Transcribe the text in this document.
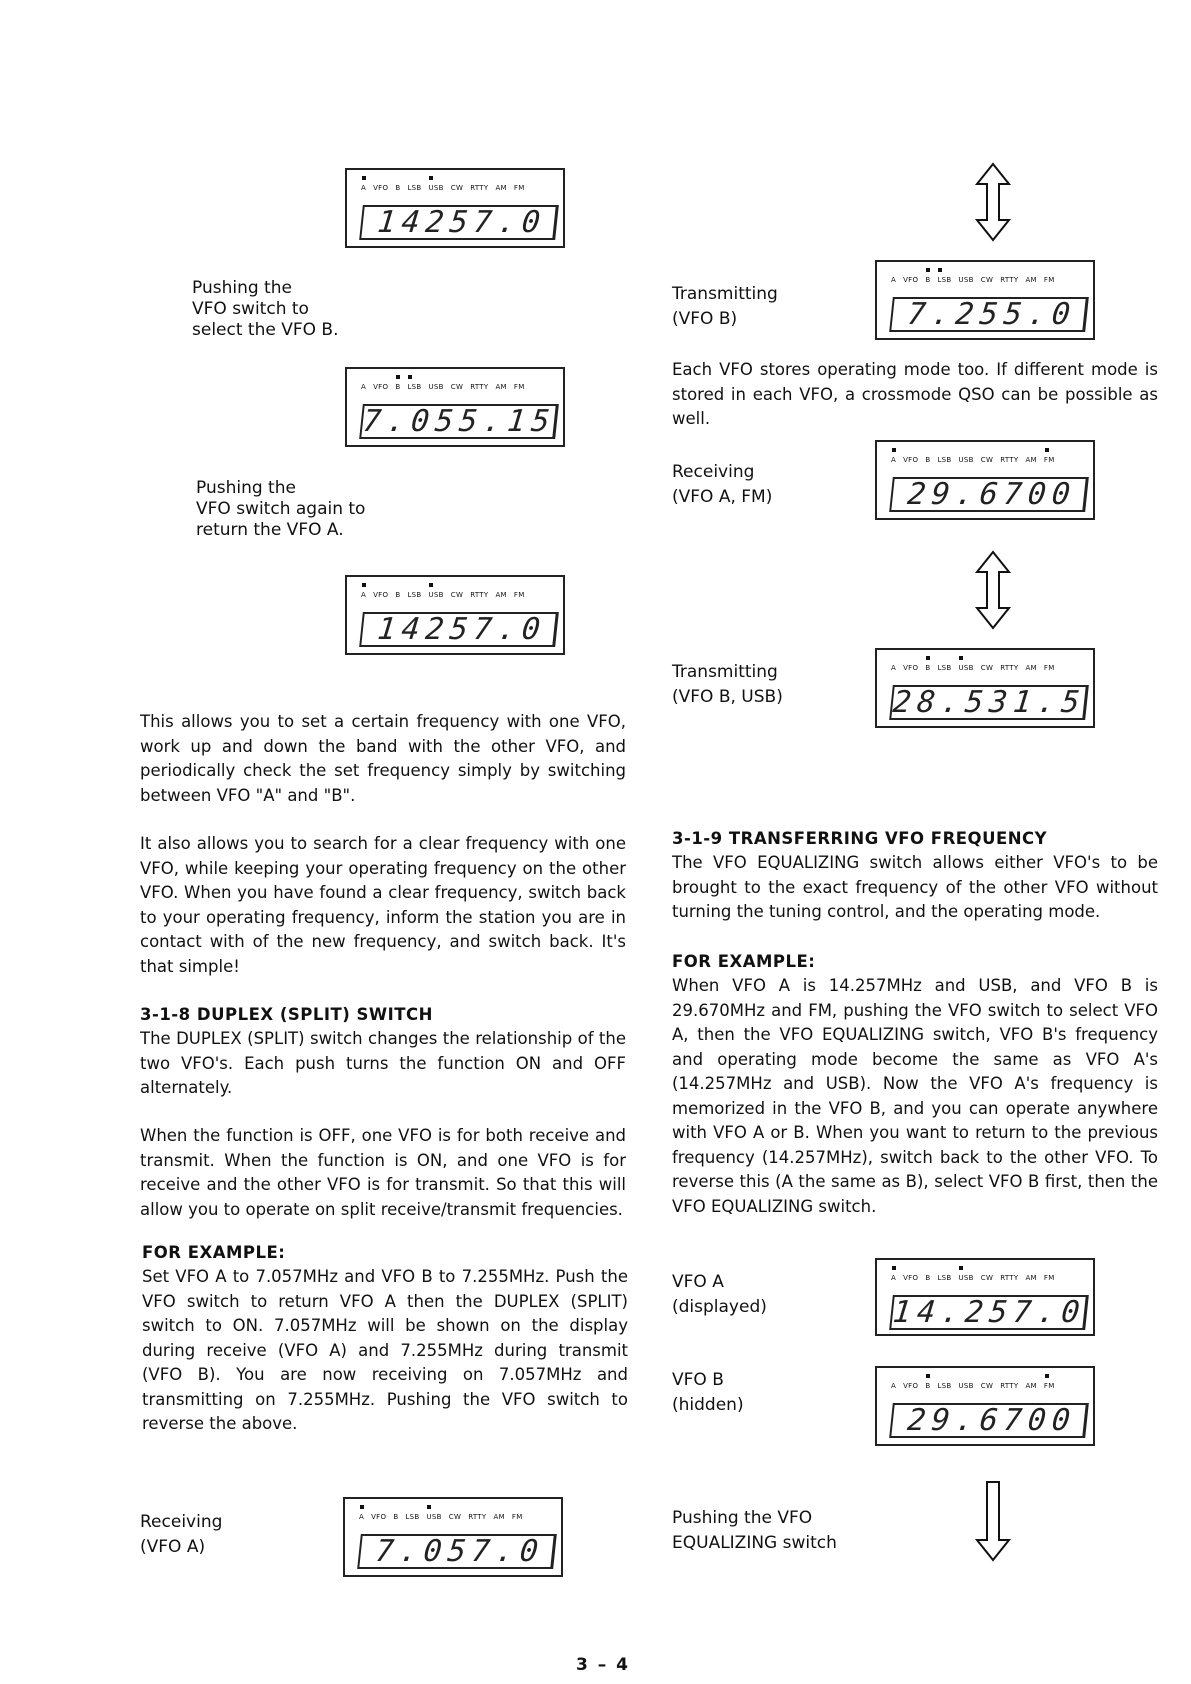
A VFO B LSB USB CW RTTY AM FM
14257.0
A VFO B LSB USB CW RTTY AM FM
7.055.15
A VFO B LSB USB CW RTTY AM FM
14257.0
A VFO B LSB USB CW RTTY AM FM
7.255.0
A VFO B LSB USB CW RTTY AM FM
29.6700
A VFO B LSB USB CW RTTY AM FM
28.531.5
A VFO B LSB USB CW RTTY AM FM
14.257.0
A VFO B LSB USB CW RTTY AM FM
29.6700
A VFO B LSB USB CW RTTY AM FM
7.057.0
Pushing the
VFO switch to
select the VFO B.
Pushing the
VFO switch again to
return the VFO A.
Transmitting
(VFO B)
Receiving
(VFO A, FM)
Transmitting
(VFO B, USB)
VFO A
(displayed)
VFO B
(hidden)
Pushing the VFO
EQUALIZING switch
Receiving
(VFO A)

This allows you to set a certain frequency with one VFO, work up and down the band with the other VFO, and periodically check the set frequency simply by switching between VFO "A" and "B".

It also allows you to search for a clear frequency with one VFO, while keeping your operating frequency on the other VFO. When you have found a clear frequency, switch back to your operating frequency, inform the station you are in contact with of the new frequency, and switch back. It's that simple!

3-1-8 DUPLEX (SPLIT) SWITCH

The DUPLEX (SPLIT) switch changes the relationship of the two VFO's. Each push turns the function ON and OFF alternately.

When the function is OFF, one VFO is for both receive and transmit. When the function is ON, and one VFO is for receive and the other VFO is for transmit. So that this will allow you to operate on split receive/transmit frequencies.

FOR EXAMPLE:

Set VFO A to 7.057MHz and VFO B to 7.255MHz. Push the VFO switch to return VFO A then the DUPLEX (SPLIT) switch to ON. 7.057MHz will be shown on the display during receive (VFO A) and 7.255MHz during transmit (VFO B). You are now receiving on 7.057MHz and transmitting on 7.255MHz. Pushing the VFO switch to reverse the above.

Each VFO stores operating mode too. If different mode is stored in each VFO, a crossmode QSO can be possible as well.

3-1-9 TRANSFERRING VFO FREQUENCY

The VFO EQUALIZING switch allows either VFO's to be brought to the exact frequency of the other VFO without turning the tuning control, and the operating mode.

FOR EXAMPLE:

When VFO A is 14.257MHz and USB, and VFO B is 29.670MHz and FM, pushing the VFO switch to select VFO A, then the VFO EQUALIZING switch, VFO B's frequency and operating mode become the same as VFO A's (14.257MHz and USB). Now the VFO A's frequency is memorized in the VFO B, and you can operate anywhere with VFO A or B. When you want to return to the previous frequency (14.257MHz), switch back to the other VFO. To reverse this (A the same as B), select VFO B first, then the VFO EQUALIZING switch.

3 – 4
